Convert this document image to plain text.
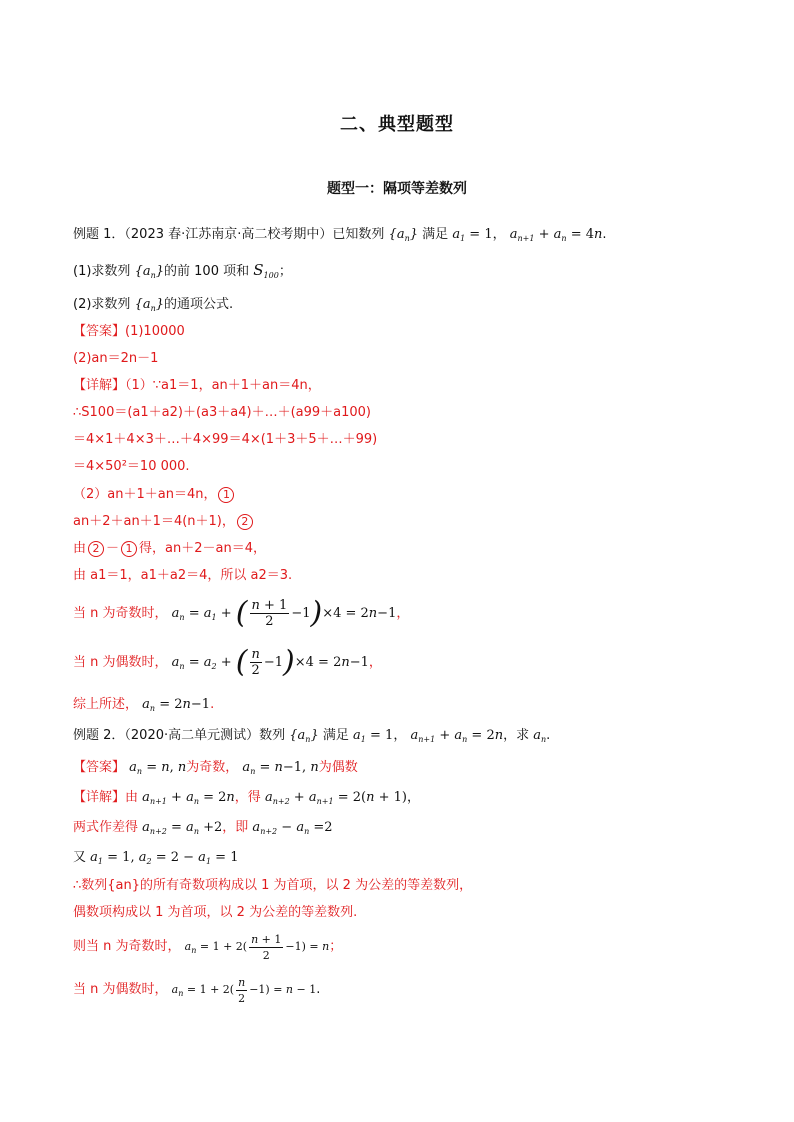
二、典型题型
题型一：隔项等差数列
例题 1．（2023 春·江苏南京·高二校考期中）已知数列 $\{a_n\}$ 满足 $a_1 = 1$， $a_{n+1} + a_n = 4n$.
(1)求数列 $\{a_n\}$的前 100 项和 $S_{100}$；
(2)求数列 $\{a_n\}$的通项公式.
【答案】(1)10000
(2)an＝2n－1
【详解】（1）∵a1＝1，an＋1＋an＝4n，
∴S100＝(a1＋a2)＋(a3＋a4)＋…＋(a99＋a100)
＝4×1＋4×3＋…＋4×99＝4×(1＋3＋5＋…＋99)
＝4×50²＝10 000.
（2）an＋1＋an＝4n， 1
an＋2＋an＋1＝4(n＋1)， 2
由 2 － 1 得，an＋2－an＝4，
由 a1＝1，a1＋a2＝4，所以 a2＝3.
当 n 为奇数时， $a_n = a_1$ + ( $\frac{n + 1}{2} -1)\times 4 = 2n-1$，
当 n 为偶数时， $a_n = a_2$ + ( $\frac{n}{2} -1)\times 4 = 2n-1$，
综上所述， $a_n = 2n-1$.
例题 2．（2020·高二单元测试）数列 $\{a_n\}$ 满足 $a_1 = 1$， $a_{n+1} + a_n = 2n$，求 $a_n$.
【答案】 $a_n = n$, n为奇数， $a_n = n-1$, n为偶数
【详解】由 $a_{n+1} + a_n = 2n$，得 $a_{n+2} + a_{n+1} = 2(n + 1)$，
两式作差得 $a_{n+2} = a_n +2$，即 $a_{n+2} - a_n =2$
又 $a_1 = 1$, $a_2 = 2 - a_1 = 1$
∴数列{an}的所有奇数项构成以 1 为首项，以 2 为公差的等差数列，
偶数项构成以 1 为首项，以 2 为公差的等差数列.
则当 n 为奇数时， $a_n = 1 + 2( \frac{n + 1}{2} -1) = n$；
当 n 为偶数时， $a_n = 1 + 2( \frac{n}{2} -1) = n - 1$.
